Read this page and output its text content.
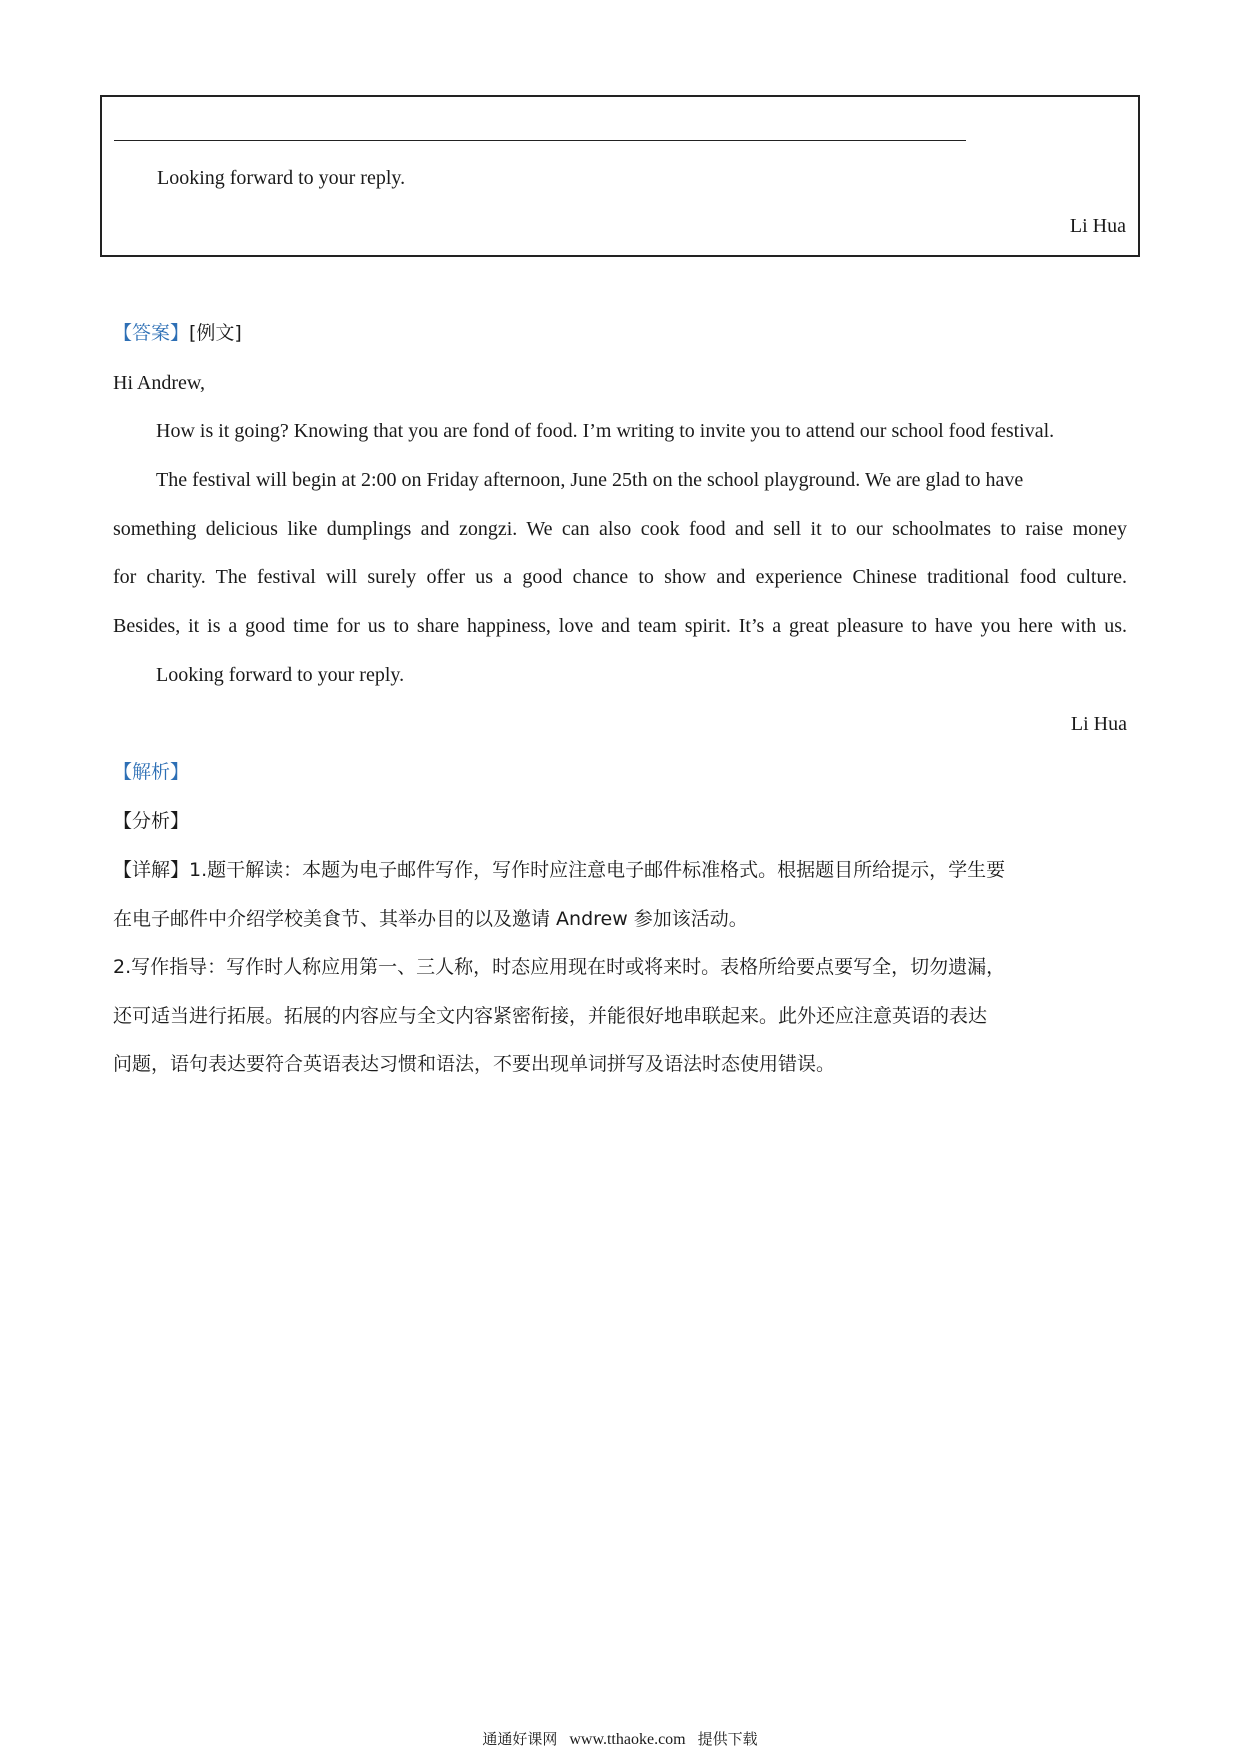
Looking forward to your reply.
Li Hua
【答案】[例文]
Hi Andrew,
How is it going? Knowing that you are fond of food. I’m writing to invite you to attend our school food festival.
The festival will begin at 2:00 on Friday afternoon, June 25th on the school playground. We are glad to have
something delicious like dumplings and zongzi. We can also cook food and sell it to our schoolmates to raise money
for charity. The festival will surely offer us a good chance to show and experience Chinese traditional food culture.
Besides, it is a good time for us to share happiness, love and team spirit. It’s a great pleasure to have you here with us.
Looking forward to your reply.
Li Hua
【解析】
【分析】
【详解】1.题干解读：本题为电子邮件写作，写作时应注意电子邮件标准格式。根据题目所给提示，学生要
在电子邮件中介绍学校美食节、其举办目的以及邀请 Andrew 参加该活动。
2.写作指导：写作时人称应用第一、三人称，时态应用现在时或将来时。表格所给要点要写全，切勿遗漏，
还可适当进行拓展。拓展的内容应与全文内容紧密衔接，并能很好地串联起来。此外还应注意英语的表达
问题，语句表达要符合英语表达习惯和语法，不要出现单词拼写及语法时态使用错误。
通通好课网 www.tthaoke.com 提供下载
